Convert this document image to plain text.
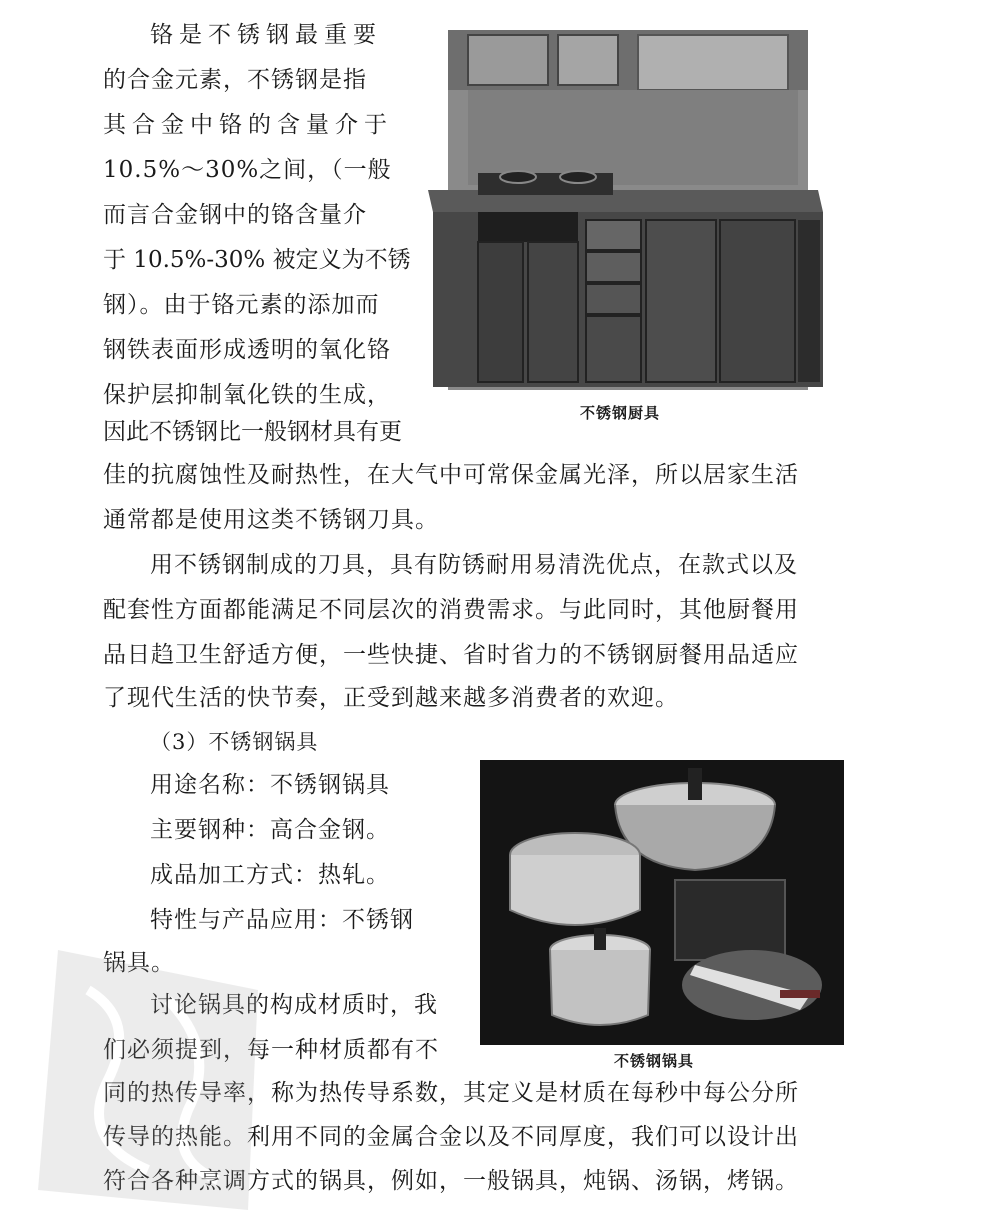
铬是不锈钢最重要
的合金元素，不锈钢是指
其合金中铬的含量介于
10.5%～30%之间，（一般
而言合金钢中的铬含量介
于 10.5%-30% 被定义为不锈
钢）。由于铬元素的添加而
钢铁表面形成透明的氧化铬
保护层抑制氧化铁的生成，
因此不锈钢比一般钢材具有更
不锈钢厨具
佳的抗腐蚀性及耐热性，在大气中可常保金属光泽，所以居家生活
通常都是使用这类不锈钢刀具。
用不锈钢制成的刀具，具有防锈耐用易清洗优点，在款式以及
配套性方面都能满足不同层次的消费需求。与此同时，其他厨餐用
品日趋卫生舒适方便，一些快捷、省时省力的不锈钢厨餐用品适应
了现代生活的快节奏，正受到越来越多消费者的欢迎。
（3）不锈钢锅具
用途名称：不锈钢锅具
主要钢种：高合金钢。
成品加工方式：热轧。
特性与产品应用：不锈钢
锅具。
讨论锅具的构成材质时，我
们必须提到，每一种材质都有不	不锈钢锅具
同的热传导率，称为热传导系数，其定义是材质在每秒中每公分所
传导的热能。利用不同的金属合金以及不同厚度，我们可以设计出
符合各种烹调方式的锅具，例如，一般锅具，炖锅、汤锅，烤锅。
